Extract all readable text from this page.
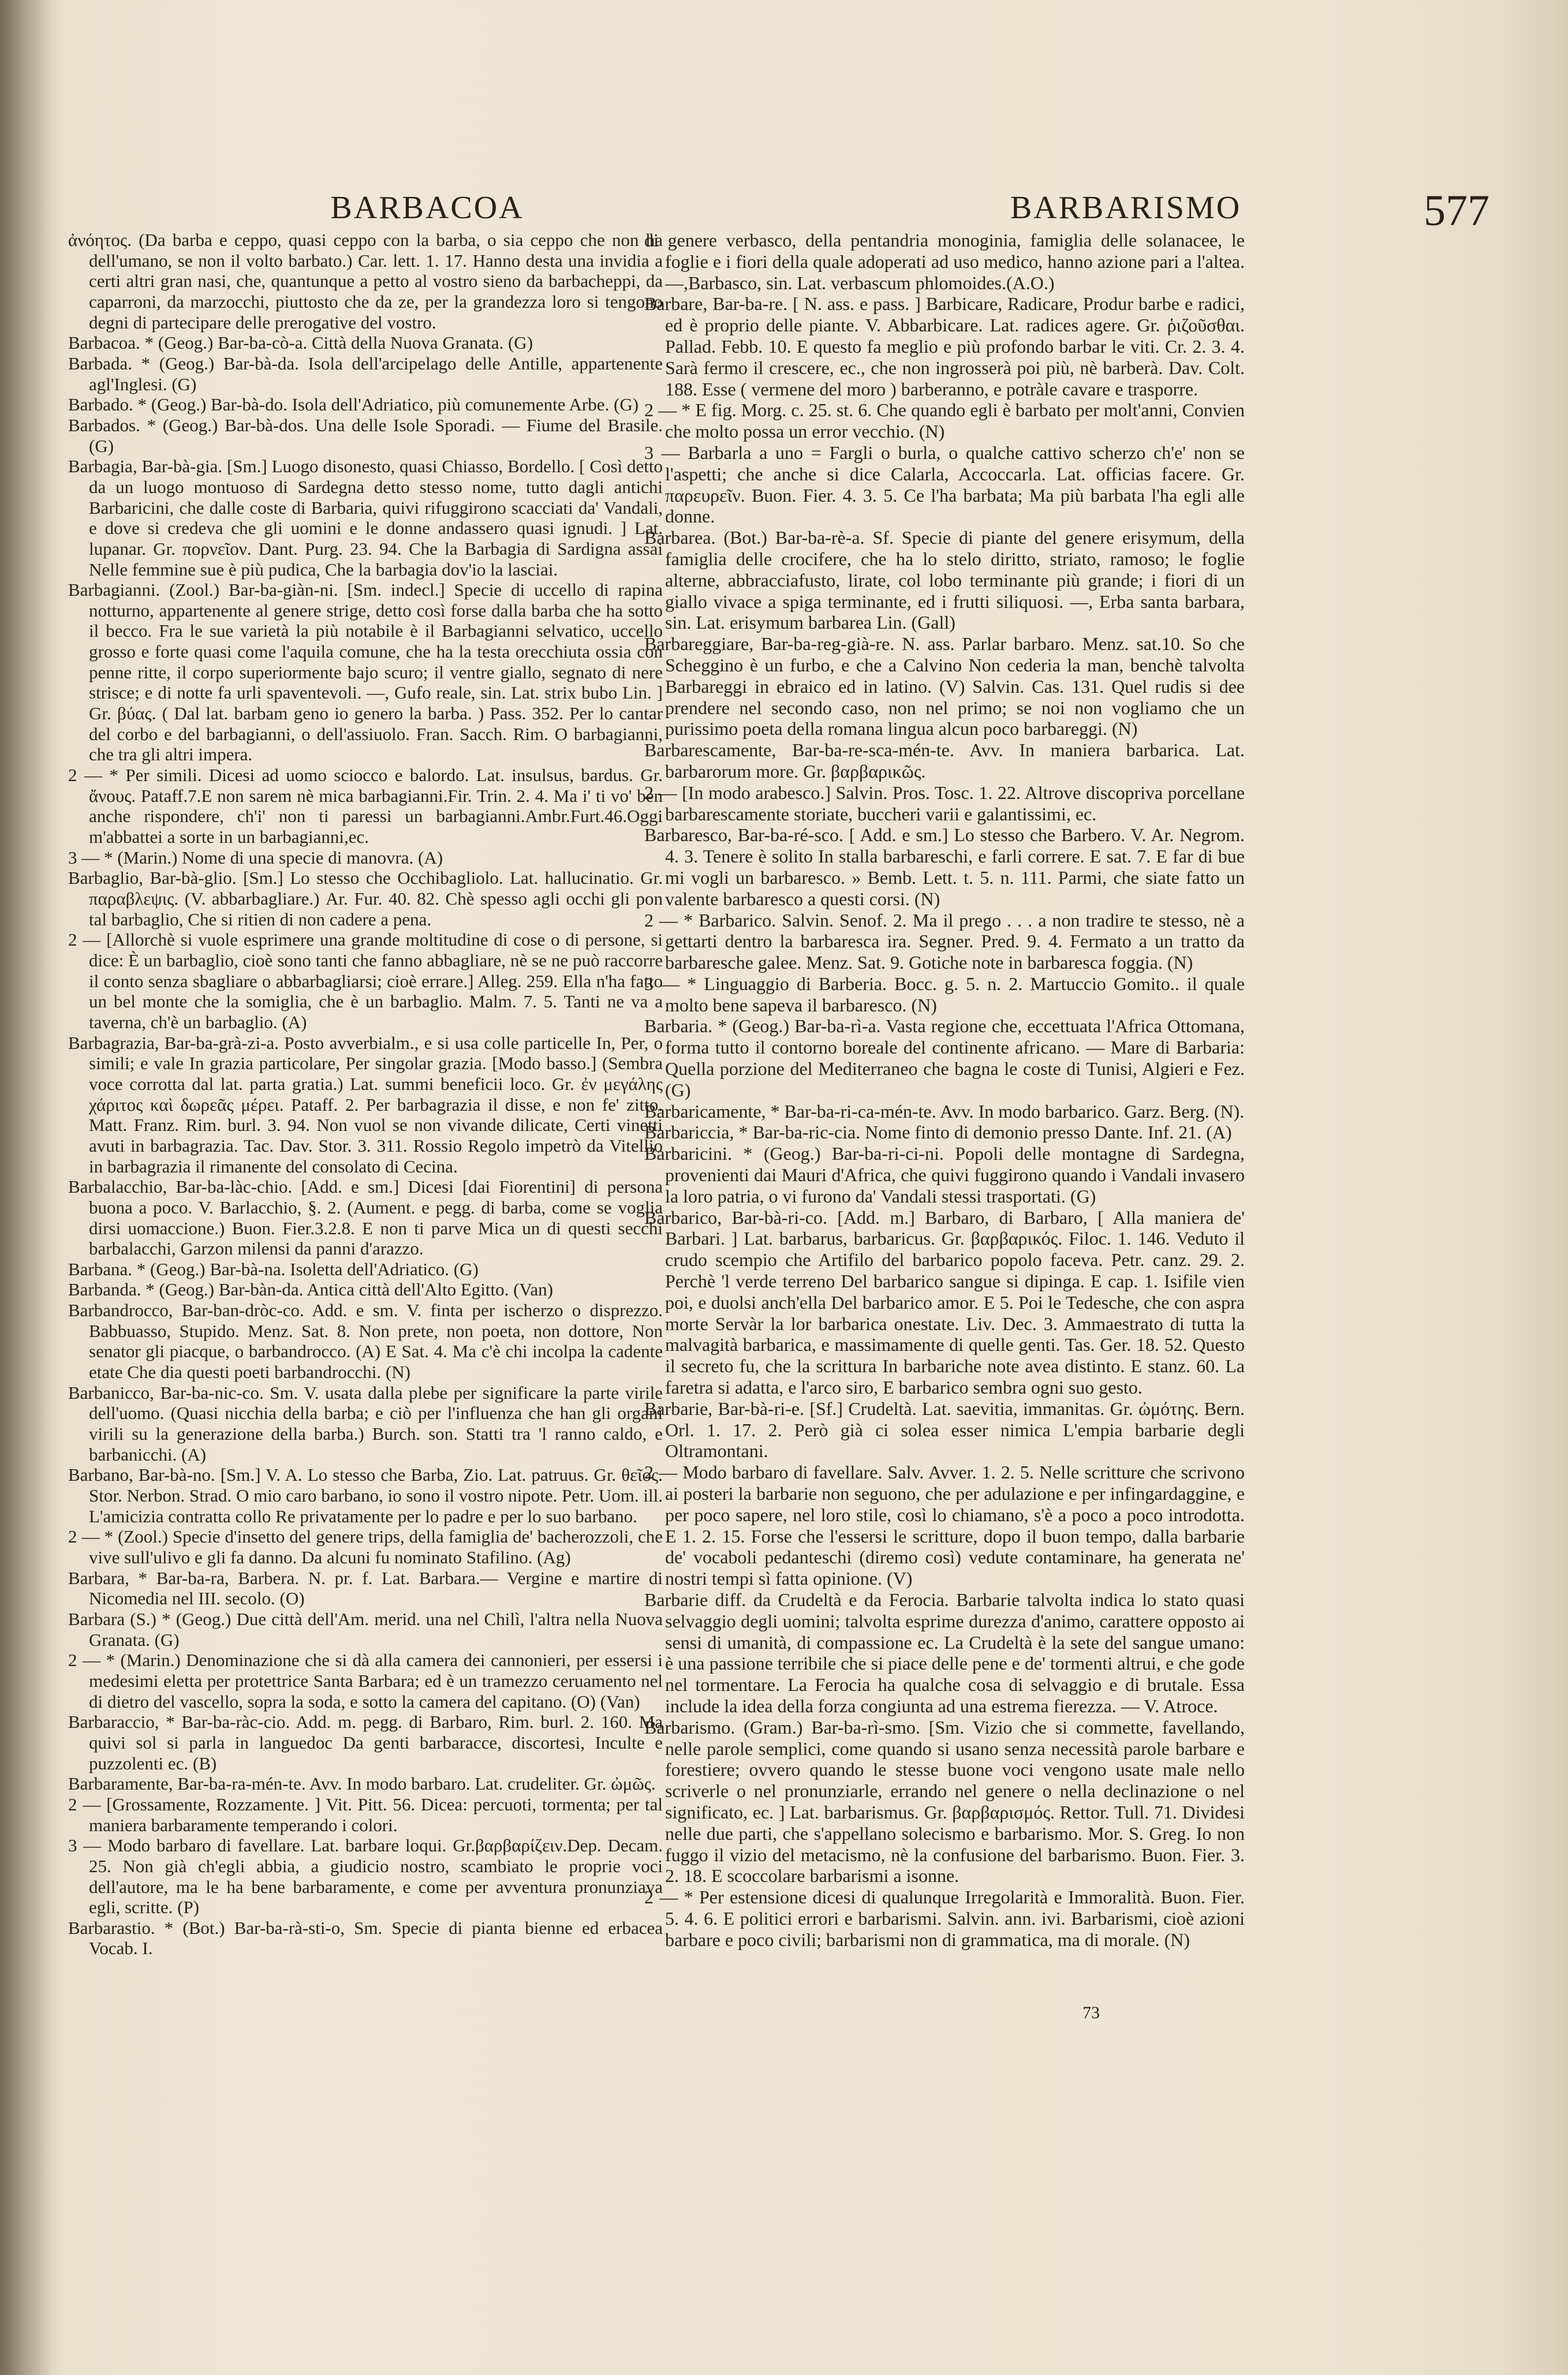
BARBACOA	BARBARISMO	577
ἀνόητος. (Da barba e ceppo, quasi ceppo con la barba, o sia ceppo che non ha dell'umano, se non il volto barbato.) Car. lett. 1. 17. Hanno desta una invidia a certi altri gran nasi, che, quantunque a petto al vostro sieno da barbacheppi, da caparroni, da marzocchi, piuttosto che da ze, per la grandezza loro si tengono degni di partecipare delle prerogative del vostro.
Barbacoa. * (Geog.) Bar-ba-cò-a. Città della Nuova Granata. (G)
Barbada. * (Geog.) Bar-bà-da. Isola dell'arcipelago delle Antille, appartenente agl'Inglesi. (G)
Barbado. * (Geog.) Bar-bà-do. Isola dell'Adriatico, più comunemente Arbe. (G)
Barbados. * (Geog.) Bar-bà-dos. Una delle Isole Sporadi. — Fiume del Brasile. (G)
Barbagia, Bar-bà-gia. [Sm.] Luogo disonesto, quasi Chiasso, Bordello. [ Così detto da un luogo montuoso di Sardegna detto stesso nome, tutto dagli antichi Barbaricini, che dalle coste di Barbaria, quivi rifuggirono scacciati da' Vandali, e dove si credeva che gli uomini e le donne andassero quasi ignudi. ] Lat. lupanar. Gr. πορνεῖον. Dant. Purg. 23. 94. Che la Barbagia di Sardigna assai Nelle femmine sue è più pudica, Che la barbagia dov'io la lasciai.
Barbagianni. (Zool.) Bar-ba-giàn-ni. [Sm. indecl.] Specie di uccello di rapina notturno, appartenente al genere strige, detto così forse dalla barba che ha sotto il becco. Fra le sue varietà la più notabile è il Barbagianni selvatico, uccello grosso e forte quasi come l'aquila comune, che ha la testa orecchiuta ossia con penne ritte, il corpo superiormente bajo scuro; il ventre giallo, segnato di nere strisce; e di notte fa urli spaventevoli. —, Gufo reale, sin. Lat. strix bubo Lin. ] Gr. βύας. ( Dal lat. barbam geno io genero la barba. ) Pass. 352. Per lo cantar del corbo e del barbagianni, o dell'assiuolo. Fran. Sacch. Rim. O barbagianni, che tra gli altri impera.
2 — * Per simili. Dicesi ad uomo sciocco e balordo. Lat. insulsus, bardus. Gr. ἄνους. Pataff.7.E non sarem nè mica barbagianni.Fir. Trin. 2. 4. Ma i' ti vo' ben anche rispondere, ch'i' non ti paressi un barbagianni.Ambr.Furt.46.Oggi m'abbattei a sorte in un barbagianni,ec.
3 — * (Marin.) Nome di una specie di manovra. (A)
Barbaglio, Bar-bà-glio. [Sm.] Lo stesso che Occhibagliolo. Lat. hallucinatio. Gr. παραβλεψις. (V. abbarbagliare.) Ar. Fur. 40. 82. Chè spesso agli occhi gli pon tal barbaglio, Che si ritien di non cadere a pena.
2 — [Allorchè si vuole esprimere una grande moltitudine di cose o di persone, si dice: È un barbaglio, cioè sono tanti che fanno abbagliare, nè se ne può raccorre il conto senza sbagliare o abbarbagliarsi; cioè errare.] Alleg. 259. Ella n'ha fatto un bel monte che la somiglia, che è un barbaglio. Malm. 7. 5. Tanti ne va a taverna, ch'è un barbaglio. (A)
Barbagrazia, Bar-ba-grà-zi-a. Posto avverbialm., e si usa colle particelle In, Per, o simili; e vale In grazia particolare, Per singolar grazia. [Modo basso.] (Sembra voce corrotta dal lat. parta gratia.) Lat. summi beneficii loco. Gr. ἐν μεγάλης χάριτος καὶ δωρεᾶς μέρει. Pataff. 2. Per barbagrazia il disse, e non fe' zitto. Matt. Franz. Rim. burl. 3. 94. Non vuol se non vivande dilicate, Certi vinetti avuti in barbagrazia. Tac. Dav. Stor. 3. 311. Rossio Regolo impetrò da Vitellio in barbagrazia il rimanente del consolato di Cecina.
Barbalacchio, Bar-ba-làc-chio. [Add. e sm.] Dicesi [dai Fiorentini] di persona buona a poco. V. Barlacchio, §. 2. (Aument. e pegg. di barba, come se voglia dirsi uomaccione.) Buon. Fier.3.2.8. E non ti parve Mica un di questi secchi barbalacchi, Garzon milensi da panni d'arazzo.
Barbana. * (Geog.) Bar-bà-na. Isoletta dell'Adriatico. (G)
Barbanda. * (Geog.) Bar-bàn-da. Antica città dell'Alto Egitto. (Van)
Barbandrocco, Bar-ban-dròc-co. Add. e sm. V. finta per ischerzo o disprezzo. Babbuasso, Stupido. Menz. Sat. 8. Non prete, non poeta, non dottore, Non senator gli piacque, o barbandrocco. (A) E Sat. 4. Ma c'è chi incolpa la cadente etate Che dia questi poeti barbandrocchi. (N)
Barbanicco, Bar-ba-nic-co. Sm. V. usata dalla plebe per significare la parte virile dell'uomo. (Quasi nicchia della barba; e ciò per l'influenza che han gli organi virili su la generazione della barba.) Burch. son. Statti tra 'l ranno caldo, e barbanicchi. (A)
Barbano, Bar-bà-no. [Sm.] V. A. Lo stesso che Barba, Zio. Lat. patruus. Gr. θεῖος. Stor. Nerbon. Strad. O mio caro barbano, io sono il vostro nipote. Petr. Uom. ill. L'amicizia contratta collo Re privatamente per lo padre e per lo suo barbano.
2 — * (Zool.) Specie d'insetto del genere trips, della famiglia de' bacherozzoli, che vive sull'ulivo e gli fa danno. Da alcuni fu nominato Stafilino. (Ag)
Barbara, * Bar-ba-ra, Barbera. N. pr. f. Lat. Barbara.— Vergine e martire di Nicomedia nel III. secolo. (O)
Barbara (S.) * (Geog.) Due città dell'Am. merid. una nel Chilì, l'altra nella Nuova Granata. (G)
2 — * (Marin.) Denominazione che si dà alla camera dei cannonieri, per essersi i medesimi eletta per protettrice Santa Barbara; ed è un tramezzo ceruamento nel di dietro del vascello, sopra la soda, e sotto la camera del capitano. (O) (Van)
Barbaraccio, * Bar-ba-ràc-cio. Add. m. pegg. di Barbaro, Rim. burl. 2. 160. Ma quivi sol si parla in languedoc Da genti barbaracce, discortesi, Inculte e puzzolenti ec. (B)
Barbaramente, Bar-ba-ra-mén-te. Avv. In modo barbaro. Lat. crudeliter. Gr. ὠμῶς.
2 — [Grossamente, Rozzamente. ] Vit. Pitt. 56. Dicea: percuoti, tormenta; per tal maniera barbaramente temperando i colori.
3 — Modo barbaro di favellare. Lat. barbare loqui. Gr.βαρβαρίζειν.Dep. Decam. 25. Non già ch'egli abbia, a giudicio nostro, scambiato le proprie voci dell'autore, ma le ha bene barbaramente, e come per avventura pronunziava egli, scritte. (P)
Barbarastio. * (Bot.) Bar-ba-rà-sti-o, Sm. Specie di pianta bienne ed erbacea Vocab. I.
di genere verbasco, della pentandria monoginia, famiglia delle solanacee, le foglie e i fiori della quale adoperati ad uso medico, hanno azione pari a l'altea.—,Barbasco, sin. Lat. verbascum phlomoides.(A.O.)
Barbare, Bar-ba-re. [ N. ass. e pass. ] Barbicare, Radicare, Produr barbe e radici, ed è proprio delle piante. V. Abbarbicare. Lat. radices agere. Gr. ῥιζοῦσθαι. Pallad. Febb. 10. E questo fa meglio e più profondo barbar le viti. Cr. 2. 3. 4. Sarà fermo il crescere, ec., che non ingrosserà poi più, nè barberà. Dav. Colt. 188. Esse ( vermene del moro ) barberanno, e potràle cavare e trasporre.
2 — * E fig. Morg. c. 25. st. 6. Che quando egli è barbato per molt'anni, Convien che molto possa un error vecchio. (N)
3 — Barbarla a uno = Fargli o burla, o qualche cattivo scherzo ch'e' non se l'aspetti; che anche si dice Calarla, Accoccarla. Lat. officias facere. Gr. παρευρεῖν. Buon. Fier. 4. 3. 5. Ce l'ha barbata; Ma più barbata l'ha egli alle donne.
Barbarea. (Bot.) Bar-ba-rè-a. Sf. Specie di piante del genere erisymum, della famiglia delle crocifere, che ha lo stelo diritto, striato, ramoso; le foglie alterne, abbracciafusto, lirate, col lobo terminante più grande; i fiori di un giallo vivace a spiga terminante, ed i frutti siliquosi. —, Erba santa barbara, sin. Lat. erisymum barbarea Lin. (Gall)
Barbareggiare, Bar-ba-reg-già-re. N. ass. Parlar barbaro. Menz. sat.10. So che Scheggino è un furbo, e che a Calvino Non cederia la man, benchè talvolta Barbareggi in ebraico ed in latino. (V) Salvin. Cas. 131. Quel rudis si dee prendere nel secondo caso, non nel primo; se noi non vogliamo che un purissimo poeta della romana lingua alcun poco barbareggi. (N)
Barbarescamente, Bar-ba-re-sca-mén-te. Avv. In maniera barbarica. Lat. barbarorum more. Gr. βαρβαρικῶς.
2 — [In modo arabesco.] Salvin. Pros. Tosc. 1. 22. Altrove discopriva porcellane barbarescamente storiate, buccheri varii e galantissimi, ec.
Barbaresco, Bar-ba-ré-sco. [ Add. e sm.] Lo stesso che Barbero. V. Ar. Negrom. 4. 3. Tenere è solito In stalla barbareschi, e farli correre. E sat. 7. E far di bue mi vogli un barbaresco. » Bemb. Lett. t. 5. n. 111. Parmi, che siate fatto un valente barbaresco a questi corsi. (N)
2 — * Barbarico. Salvin. Senof. 2. Ma il prego . . . a non tradire te stesso, nè a gettarti dentro la barbaresca ira. Segner. Pred. 9. 4. Fermato a un tratto da barbaresche galee. Menz. Sat. 9. Gotiche note in barbaresca foggia. (N)
3 — * Linguaggio di Barberia. Bocc. g. 5. n. 2. Martuccio Gomito.. il quale molto bene sapeva il barbaresco. (N)
Barbaria. * (Geog.) Bar-ba-rì-a. Vasta regione che, eccettuata l'Africa Ottomana, forma tutto il contorno boreale del continente africano. — Mare di Barbaria: Quella porzione del Mediterraneo che bagna le coste di Tunisi, Algieri e Fez. (G)
Barbaricamente, * Bar-ba-ri-ca-mén-te. Avv. In modo barbarico. Garz. Berg. (N).
Barbariccia, * Bar-ba-ric-cia. Nome finto di demonio presso Dante. Inf. 21. (A)
Barbaricini. * (Geog.) Bar-ba-ri-ci-ni. Popoli delle montagne di Sardegna, provenienti dai Mauri d'Africa, che quivi fuggirono quando i Vandali invasero la loro patria, o vi furono da' Vandali stessi trasportati. (G)
Barbarico, Bar-bà-ri-co. [Add. m.] Barbaro, di Barbaro, [ Alla maniera de' Barbari. ] Lat. barbarus, barbaricus. Gr. βαρβαρικός. Filoc. 1. 146. Veduto il crudo scempio che Artifilo del barbarico popolo faceva. Petr. canz. 29. 2. Perchè 'l verde terreno Del barbarico sangue si dipinga. E cap. 1. Isifile vien poi, e duolsi anch'ella Del barbarico amor. E 5. Poi le Tedesche, che con aspra morte Servàr la lor barbarica onestate. Liv. Dec. 3. Ammaestrato di tutta la malvagità barbarica, e massimamente di quelle genti. Tas. Ger. 18. 52. Questo il secreto fu, che la scrittura In barbariche note avea distinto. E stanz. 60. La faretra si adatta, e l'arco siro, E barbarico sembra ogni suo gesto.
Barbarie, Bar-bà-ri-e. [Sf.] Crudeltà. Lat. saevitia, immanitas. Gr. ὠμότης. Bern. Orl. 1. 17. 2. Però già ci solea esser nimica L'empia barbarie degli Oltramontani.
2 — Modo barbaro di favellare. Salv. Avver. 1. 2. 5. Nelle scritture che scrivono ai posteri la barbarie non seguono, che per adulazione e per infingardaggine, e per poco sapere, nel loro stile, così lo chiamano, s'è a poco a poco introdotta. E 1. 2. 15. Forse che l'essersi le scritture, dopo il buon tempo, dalla barbarie de' vocaboli pedanteschi (diremo così) vedute contaminare, ha generata ne' nostri tempi sì fatta opinione. (V)
Barbarie diff. da Crudeltà e da Ferocia. Barbarie talvolta indica lo stato quasi selvaggio degli uomini; talvolta esprime durezza d'animo, carattere opposto ai sensi di umanità, di compassione ec. La Crudeltà è la sete del sangue umano: è una passione terribile che si piace delle pene e de' tormenti altrui, e che gode nel tormentare. La Ferocia ha qualche cosa di selvaggio e di brutale. Essa include la idea della forza congiunta ad una estrema fierezza. — V. Atroce.
Barbarismo. (Gram.) Bar-ba-rì-smo. [Sm. Vizio che si commette, favellando, nelle parole semplici, come quando si usano senza necessità parole barbare e forestiere; ovvero quando le stesse buone voci vengono usate male nello scriverle o nel pronunziarle, errando nel genere o nella declinazione o nel significato, ec. ] Lat. barbarismus. Gr. βαρβαρισμός. Rettor. Tull. 71. Dividesi nelle due parti, che s'appellano solecismo e barbarismo. Mor. S. Greg. Io non fuggo il vizio del metacismo, nè la confusione del barbarismo. Buon. Fier. 3. 2. 18. E scoccolare barbarismi a isonne.
2 — * Per estensione dicesi di qualunque Irregolarità e Immoralità. Buon. Fier. 5. 4. 6. E politici errori e barbarismi. Salvin. ann. ivi. Barbarismi, cioè azioni barbare e poco civili; barbarismi non di grammatica, ma di morale. (N)
73
